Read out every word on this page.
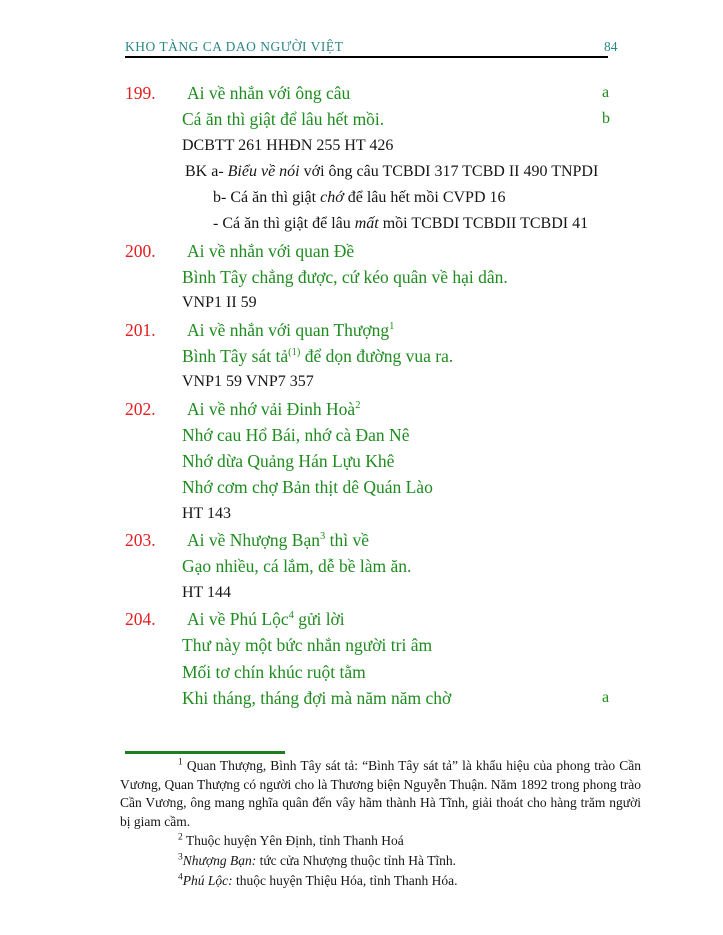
KHO TÀNG CA DAO NGƯỜI VIỆT	84
199. Ai về nhắn với ông câu	a
Cá ăn thì giật để lâu hết mồi.	b
DCBTT 261 HHĐN 255 HT 426
BK a- Biểu về nói với ông câu TCBDI 317 TCBD II 490 TNPDI
b- Cá ăn thì giật chớ để lâu hết mồi CVPD 16
- Cá ăn thì giật để lâu mất mồi TCBDI TCBDII TCBDI 41
200. Ai về nhắn với quan Đề
Bình Tây chẳng được, cứ kéo quân về hại dân.
VNP1 II 59
201. Ai về nhắn với quan Thượng$^1$
Bình Tây sát tả$^{(1)}$ để dọn đường vua ra.
VNP1 59 VNP7 357
202. Ai về nhớ vải Đinh Hoà$^2$
Nhớ cau Hổ Bái, nhớ cà Đan Nê
Nhớ dừa Quảng Hán Lựu Khê
Nhớ cơm chợ Bản thịt dê Quán Lào
HT 143
203. Ai về Nhượng Bạn$^3$ thì về
Gạo nhiều, cá lắm, dễ bề làm ăn.
HT 144
204. Ai về Phú Lộc$^4$ gửi lời
Thư này một bức nhắn người tri âm
Mối tơ chín khúc ruột tằm
Khi tháng, tháng đợi mà năm năm chờ	a

$^1$ Quan Thượng, Bình Tây sát tả: “Bình Tây sát tả” là khẩu hiệu của phong trào Cần Vương, Quan Thượng có người cho là Thương biện Nguyễn Thuận. Năm 1892 trong phong trào Cần Vương, ông mang nghĩa quân đến vây hãm thành Hà Tĩnh, giải thoát cho hàng trăm người bị giam cầm.

$^2$ Thuộc huyện Yên Định, tỉnh Thanh Hoá

$^3$Nhượng Bạn: tức cửa Nhượng thuộc tỉnh Hà Tĩnh.

$^4$Phú Lộc: thuộc huyện Thiệu Hóa, tỉnh Thanh Hóa.
